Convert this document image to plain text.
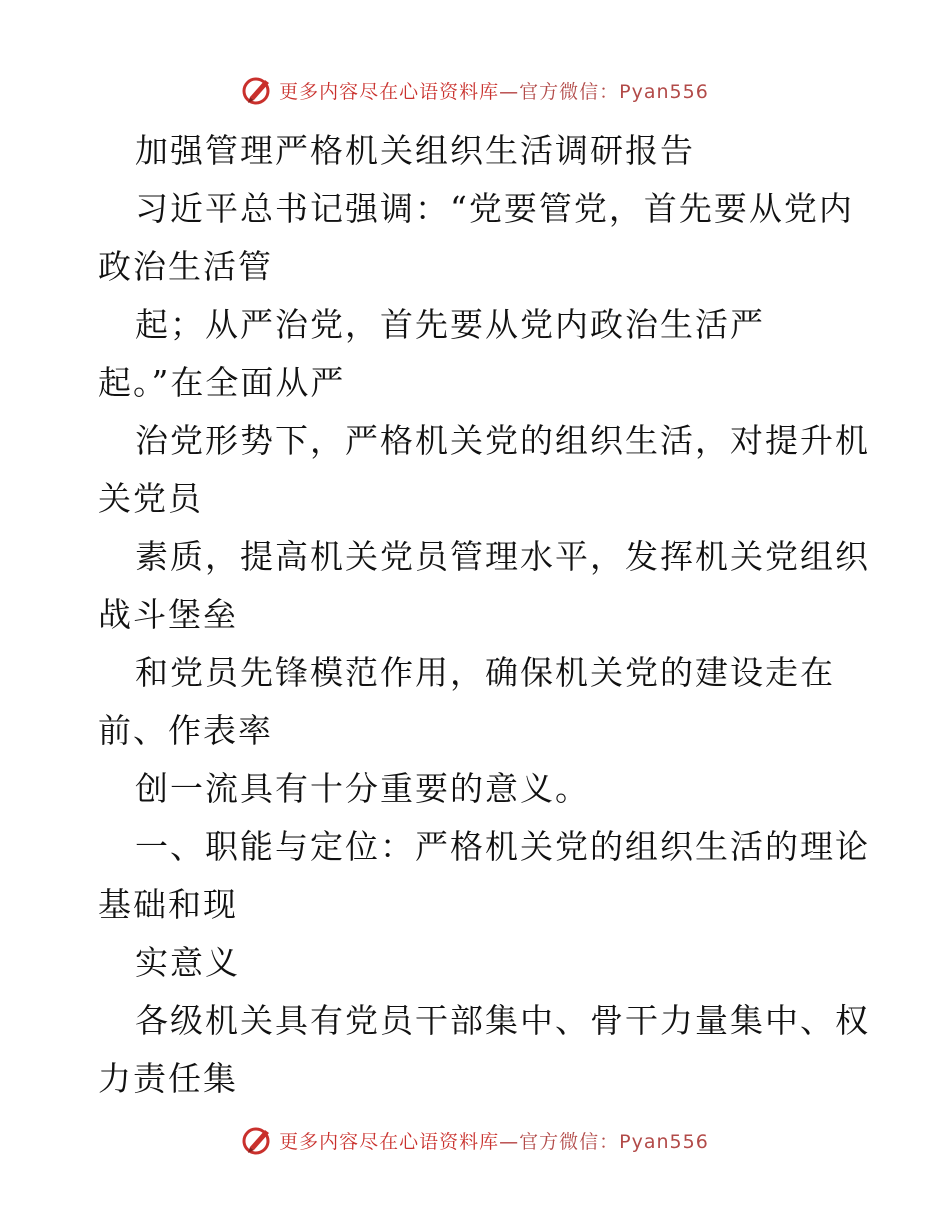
更多内容尽在心语资料库—官方微信：Pyan556
加强管理严格机关组织生活调研报告
习近平总书记强调：“党要管党，首先要从党内
政治生活管
起；从严治党，首先要从党内政治生活严
起。”在全面从严
治党形势下，严格机关党的组织生活，对提升机
关党员
素质，提高机关党员管理水平，发挥机关党组织
战斗堡垒
和党员先锋模范作用，确保机关党的建设走在
前、作表率
创一流具有十分重要的意义。
一、职能与定位：严格机关党的组织生活的理论
基础和现
实意义
各级机关具有党员干部集中、骨干力量集中、权
力责任集
更多内容尽在心语资料库—官方微信：Pyan556
